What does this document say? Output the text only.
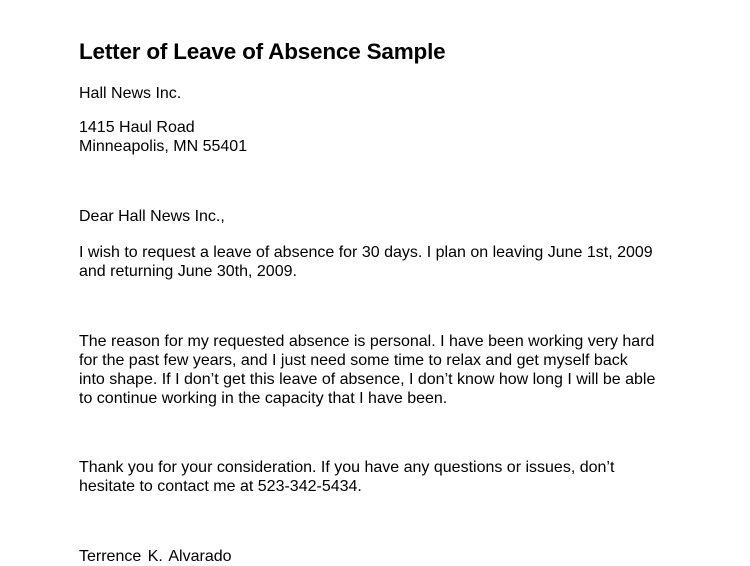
Letter of Leave of Absence Sample

Hall News Inc.

1415 Haul Road

Minneapolis, MN 55401

Dear Hall News Inc.,

I wish to request a leave of absence for 30 days. I plan on leaving June 1st, 2009

and returning June 30th, 2009.

The reason for my requested absence is personal. I have been working very hard

for the past few years, and I just need some time to relax and get myself back

into shape. If I don’t get this leave of absence, I don’t know how long I will be able

to continue working in the capacity that I have been.

Thank you for your consideration. If you have any questions or issues, don’t

hesitate to contact me at 523-342-5434.

Terrence K. Alvarado
